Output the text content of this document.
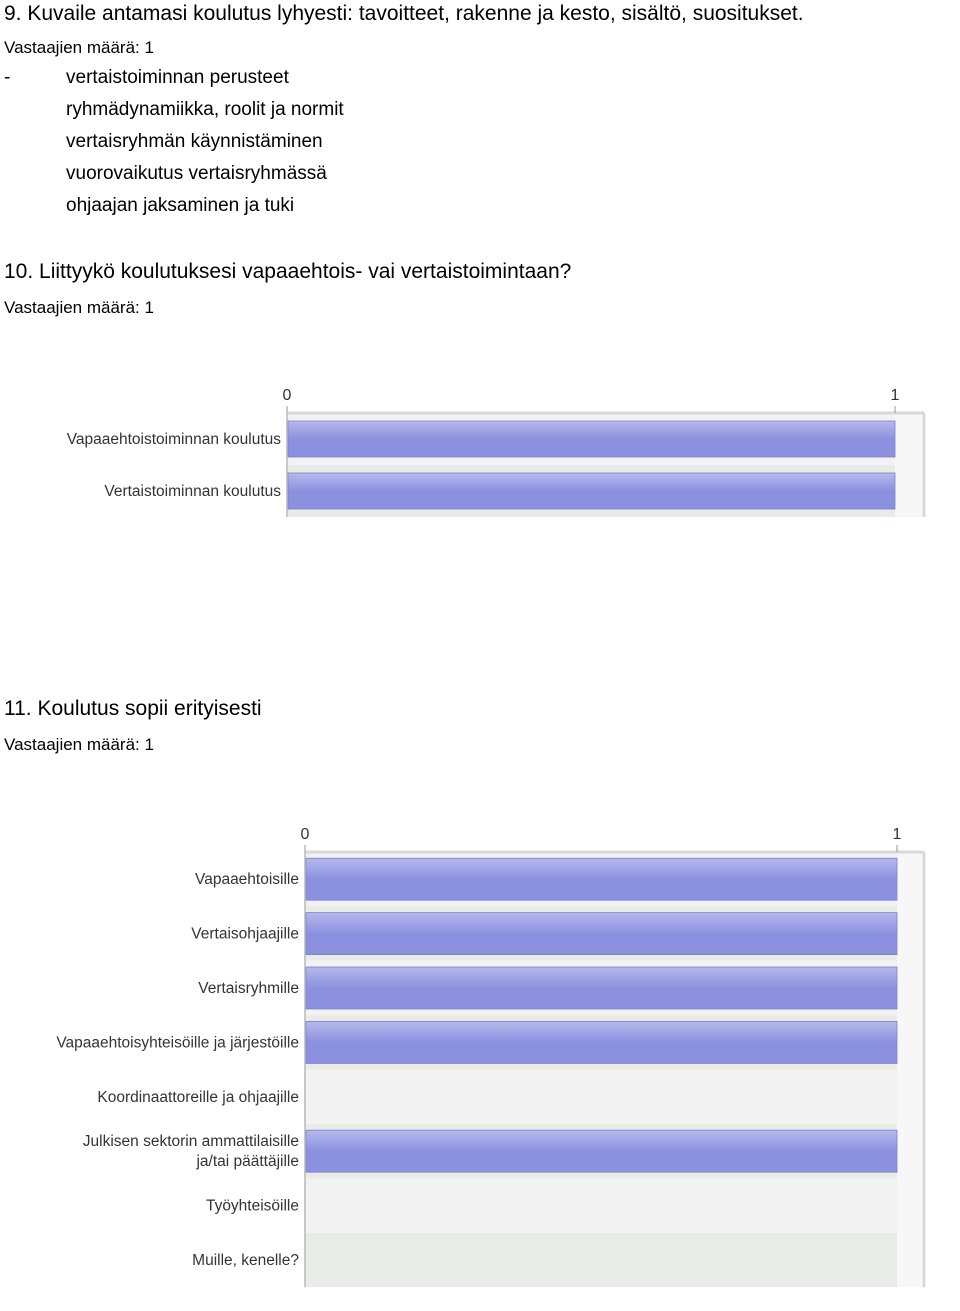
9. Kuvaile antamasi koulutus lyhyesti: tavoitteet, rakenne ja kesto, sisältö, suositukset.
Vastaajien määrä: 1
-	vertaistoiminnan perusteet
ryhmädynamiikka, roolit ja normit
vertaisryhmän käynnistäminen
vuorovaikutus vertaisryhmässä
ohjaajan jaksaminen ja tuki
10. Liittyykö koulutuksesi vapaaehtois- vai vertaistoimintaan?
Vastaajien määrä: 1
0	1
Vapaaehtoistoiminnan koulutus
Vertaistoiminnan koulutus
11. Koulutus sopii erityisesti
Vastaajien määrä: 1
0	1
Vapaaehtoisille
Vertaisohjaajille
Vertaisryhmille
Vapaaehtoisyhteisöille ja järjestöille
Koordinaattoreille ja ohjaajille
Julkisen sektorin ammattilaisille ja/tai päättäjille
Työyhteisöille
Muille, kenelle?
